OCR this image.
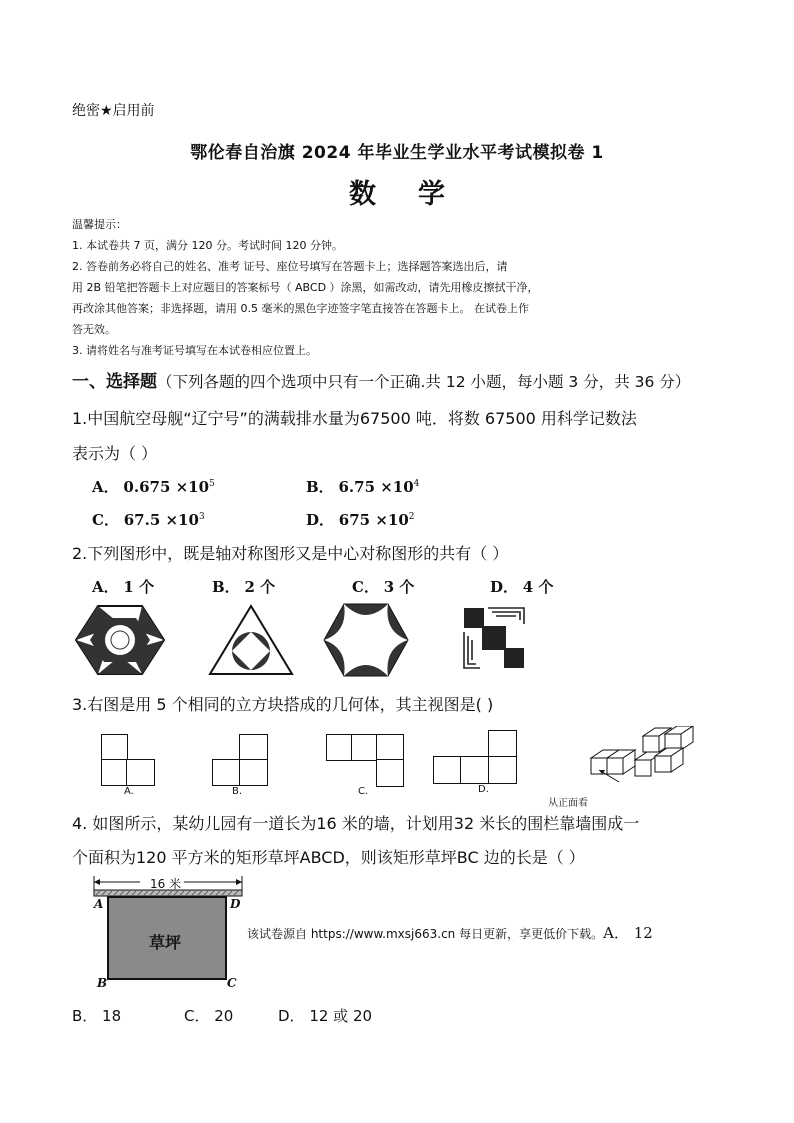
绝密★启用前
鄂伦春自治旗 2024 年毕业生学业水平考试模拟卷 1
数学
温馨提示：
1. 本试卷共 7 页，满分 120 分。考试时间 120 分钟。
2. 答卷前务必将自己的姓名、准考 证号、座位号填写在答题卡上；选择题答案选出后，请
用 2B 铅笔把答题卡上对应题目的答案标号（ ABCD ）涂黑，如需改动，请先用橡皮擦拭干净，
再改涂其他答案；非选择题，请用 0.5 毫米的黑色字迹签字笔直接答在答题卡上。 在试卷上作
答无效。
3. 请将姓名与准考证号填写在本试卷相应位置上。
一、选择题（下列各题的四个选项中只有一个正确.共 12 小题，每小题 3 分，共 36 分）
1.中国航空母舰“辽宁号”的满载排水量为67500 吨．将数 67500 用科学记数法
表示为（ ）
A． $0.675 \times 10^5$	B． $6.75 \times 10^4$
C． $67.5 \times 10^3$	D． $675 \times 10^2$
2.下列图形中，既是轴对称图形又是中心对称图形的共有（ ）
A． 1 个	B． 2 个	C． 3 个	D． 4 个
3.右图是用 5 个相同的立方块搭成的几何体，其主视图是( )
A.	B.	C.	D.
从正面看
4. 如图所示，某幼儿园有一道长为16 米的墙，计划用32 米长的围栏靠墙围成一
个面积为120 平方米的矩形草坪ABCD，则该矩形草坪BC 边的长是（ ）
16 米
草坪
A	D
B	C
该试卷源自 https://www.mxsj663.cn 每日更新，享更低价下载。A． 12
B． 18	C． 20	D． 12 或 20
